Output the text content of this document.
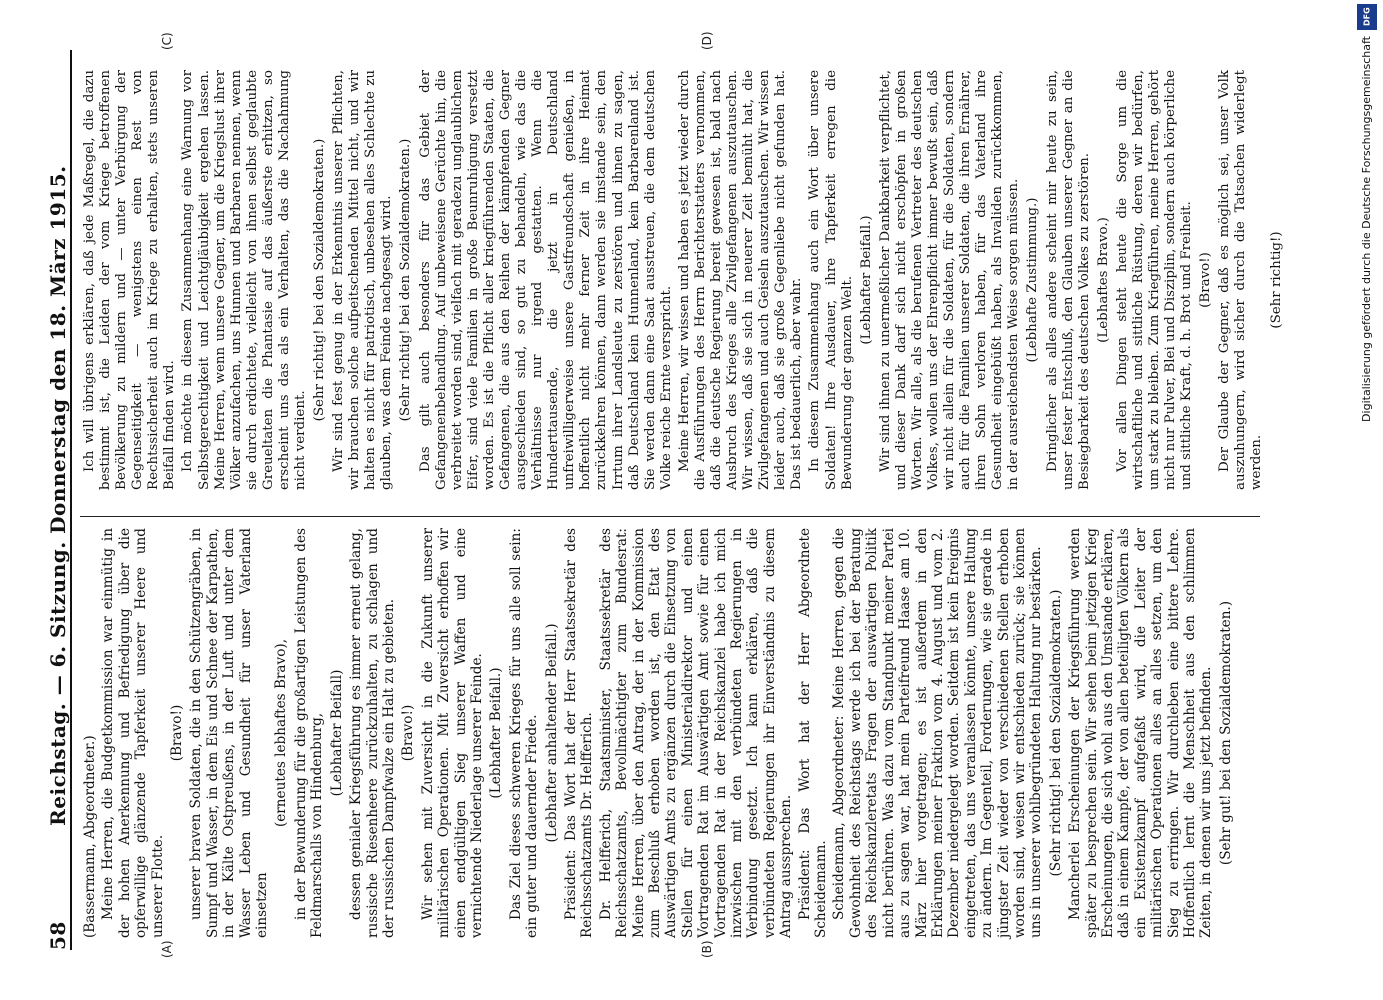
58
Reichstag. — 6. Sitzung. Donnerstag den 18. März 1915.
(A)	(B)
(C)	(D)

(Bassermann, Abgeordneter.) Meine Herren, die Budgetkommission war einmütig in der hohen Anerkennung und Befriedigung über die opferwillige glänzende Tapferkeit unserer Heere und unserer Flotte.

(Bravo!) unserer braven Soldaten, die in den Schützengräben, in Sumpf und Wasser, in dem Eis und Schnee der Karpathen, in der Kälte Ostpreußens, in der Luft und unter dem Wasser Leben und Gesundheit für unser Vaterland einsetzen

(erneutes lebhaftes Bravo), in der Bewunderung für die großartigen Leistungen des Feldmarschalls von Hindenburg, (Lebhafter Beifall) dessen genialer Kriegsführung es immer erneut gelang, russische Riesenheere zurückzuhalten, zu schlagen und der russischen Dampfwalze ein Halt zu gebieten. (Bravo!) Wir sehen mit Zuversicht in die Zukunft unserer militärischen Operationen. Mit Zuversicht erhoffen wir einen endgültigen Sieg unserer Waffen und eine vernichtende Niederlage unserer Feinde. (Lebhafter Beifall.) Das Ziel dieses schweren Krieges für uns alle soll sein: ein guter und dauernder Friede. (Lebhafter anhaltender Beifall.) Präsident: Das Wort hat der Herr Staatssekretär des Reichsschatzamts Dr. Helfferich. Dr. Helfferich, Staatsminister, Staatssekretär des Reichsschatzamts, Bevollmächtigter zum Bundesrat: Meine Herren, über den Antrag, der in der Kommission zum Beschluß erhoben worden ist, den Etat des Auswärtigen Amts zu ergänzen durch die Einsetzung von Stellen für einen Ministerialdirektor und einen Vortragenden Rat im Auswärtigen Amt sowie für einen Vortragenden Rat in der Reichskanzlei habe ich mich inzwischen mit den verbündeten Regierungen in Verbindung gesetzt. Ich kann erklären, daß die verbündeten Regierungen ihr Einverständnis zu diesem Antrag aussprechen. Präsident: Das Wort hat der Herr Abgeordnete Scheidemann. Scheidemann, Abgeordneter: Meine Herren, gegen die Gewohnheit des Reichstags werde ich bei der Beratung des Reichskanzleretats Fragen der auswärtigen Politik nicht berühren. Was dazu vom Standpunkt meiner Partei aus zu sagen war, hat mein Parteifreund Haase am 10. März hier vorgetragen; es ist außerdem in den Erklärungen meiner Fraktion vom 4. August und vom 2. Dezember niedergelegt worden. Seitdem ist kein Ereignis eingetreten, das uns veranlassen könnte, unsere Haltung zu ändern. Im Gegenteil, Forderungen, wie sie gerade in jüngster Zeit wieder von verschiedenen Stellen erhoben worden sind, weisen wir entschieden zurück; sie können uns in unserer wohlbegründeten Haltung nur bestärken. (Sehr richtig! bei den Sozialdemokraten.) Mancherlei Erscheinungen der Kriegsführung werden später zu besprechen sein. Wir sehen beim jetzigen Krieg Erscheinungen, die sich wohl aus den Umstande erklären, daß in einem Kampfe, der von allen beteiligten Völkern als ein Existenzkampf aufgefaßt wird, die Leiter der militärischen Operationen alles an alles setzen, um den Sieg zu erringen. Wir durchleben eine bittere Lehre. Hoffentlich lernt die Menschheit aus den schlimmen Zeiten, in denen wir uns jetzt befinden. (Sehr gut! bei den Sozialdemokraten.)

Ich will übrigens erklären, daß jede Maßregel, die dazu bestimmt ist, die Leiden der vom Kriege betroffenen Bevölkerung zu mildern und — unter Verbürgung der Gegenseitigkeit — wenigstens einen Rest von Rechtssicherheit auch im Kriege zu erhalten, stets unseren Beifall finden wird. Ich möchte in diesem Zusammenhang eine Warnung vor Selbstgerechtigkeit und Leichtgläubigkeit ergehen lassen. Meine Herren, wenn unsere Gegner, um die Kriegslust ihrer Völker anzufachen, uns Hunnen und Barbaren nennen, wenn sie durch erdichtete, vielleicht von ihnen selbst geglaubte Greueltaten die Phantasie auf das äußerste erhitzen, so erscheint uns das als ein Verhalten, das die Nachahmung nicht verdient.

(Sehr richtig! bei den Sozialdemokraten.) Wir sind fest genug in der Erkenntnis unserer Pflichten, wir brauchen solche aufpeitschenden Mittel nicht, und wir halten es nicht für patriotisch, unbesehen alles Schlechte zu glauben, was dem Feinde nachgesagt wird. (Sehr richtig! bei den Sozialdemokraten.) Das gilt auch besonders für das Gebiet der Gefangenenbehandlung. Auf unbeweisene Gerüchte hin, die verbreitet worden sind, vielfach mit geradezu unglaublichem Eifer, sind viele Familien in große Beunruhigung versetzt worden. Es ist die Pflicht aller kriegführenden Staaten, die Gefangenen, die aus den Reihen der kämpfenden Gegner ausgeschieden sind, so gut zu behandeln, wie das die Verhältnisse nur irgend gestatten. Wenn die Hunderttausende, die jetzt in Deutschland unfreiwilligerweise unsere Gastfreundschaft genießen, in hoffentlich nicht mehr ferner Zeit in ihre Heimat zurückkehren können, dann werden sie imstande sein, den Irrtum ihrer Landsleute zu zerstören und ihnen zu sagen, daß Deutschland kein Hunnenland, kein Barbarenland ist. Sie werden dann eine Saat ausstreuen, die dem deutschen Volke reiche Ernte verspricht. Meine Herren, wir wissen und haben es jetzt wieder durch die Ausführungen des Herrn Berichterstatters vernommen, daß die deutsche Regierung bereit gewesen ist, bald nach Ausbruch des Krieges alle Zivilgefangenen auszutauschen. Wir wissen, daß sie sich in neuerer Zeit bemüht hat, die Zivilgefangenen und auch Geiseln auszutauschen. Wir wissen leider auch, daß sie große Gegenliebe nicht gefunden hat. Das ist bedauerlich, aber wahr. In diesem Zusammenhang auch ein Wort über unsere Soldaten! Ihre Ausdauer, ihre Tapferkeit erregen die Bewunderung der ganzen Welt. (Lebhafter Beifall.) Wir sind ihnen zu unermeßlicher Dankbarkeit verpflichtet, und dieser Dank darf sich nicht erschöpfen in großen Worten. Wir alle, als die berufenen Vertreter des deutschen Volkes, wollen uns der Ehrenpflicht immer bewußt sein, daß wir nicht allein für die Soldaten, für die Soldaten, sondern auch für die Familien unserer Soldaten, die ihren Ernährer, ihren Sohn verloren haben, für das Vaterland ihre Gesundheit eingebüßt haben, als Invaliden zurückkommen, in der ausreichendsten Weise sorgen müssen. (Lebhafte Zustimmung.) Dringlicher als alles andere scheint mir heute zu sein, unser fester Entschluß, den Glauben unserer Gegner an die Besiegbarkeit des deutschen Volkes zu zerstören. (Lebhaftes Bravo.) Vor allen Dingen steht heute die Sorge um die wirtschaftliche und sittliche Rüstung, deren wir bedürfen, um stark zu bleiben. Zum Kriegführen, meine Herren, gehört nicht nur Pulver, Blei und Disziplin, sondern auch körperliche und sittliche Kraft, d. h. Brot und Freiheit. (Bravo!) Der Glaube der Gegner, daß es möglich sei, unser Volk auszuhungern, wird sicher durch die Tatsachen widerlegt werden.

(Sehr richtig!)

DFG
Digitalisierung gefördert durch die Deutsche Forschungsgemeinschaft
